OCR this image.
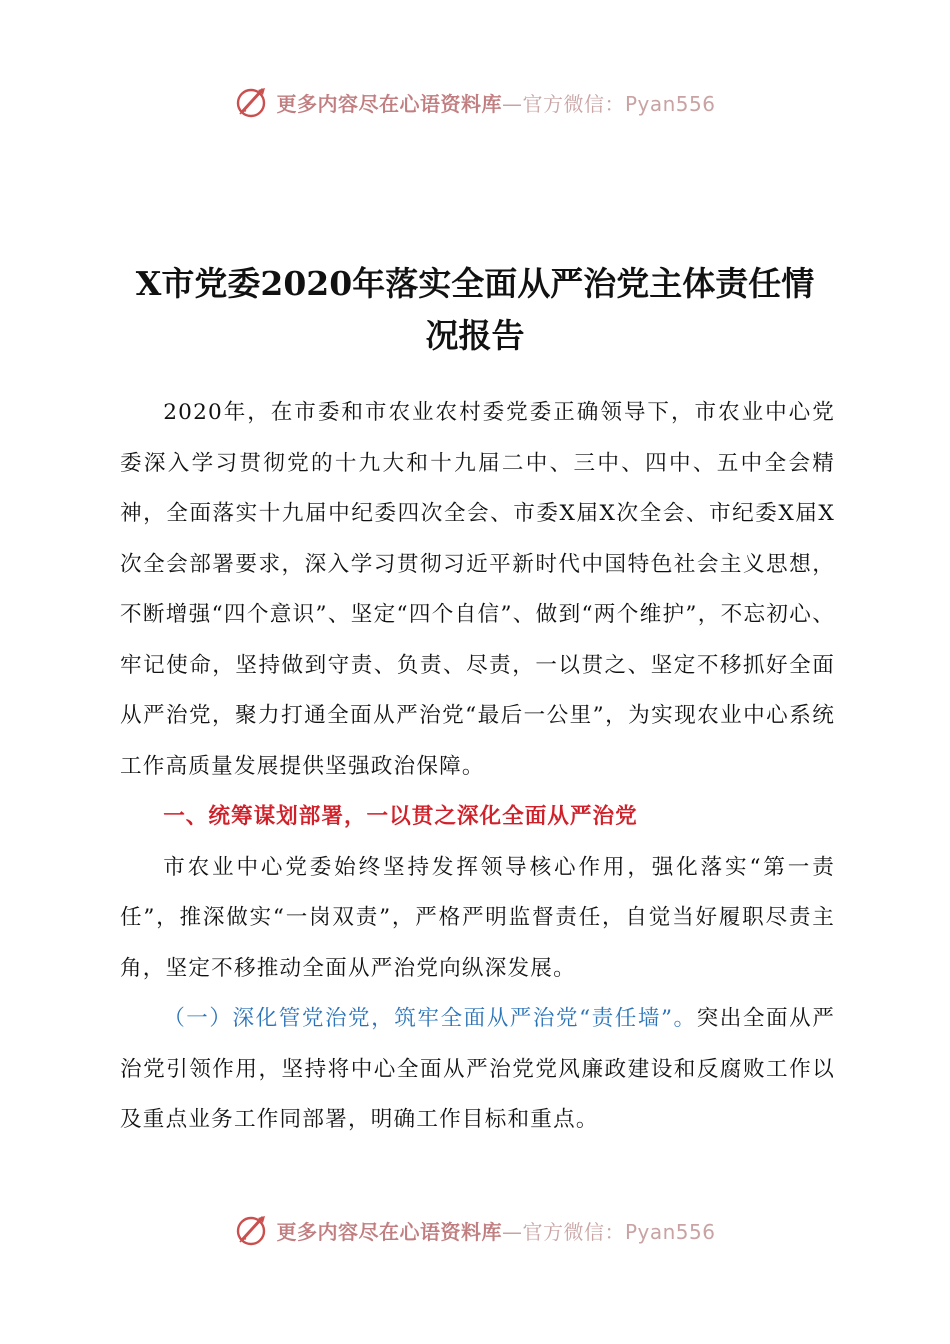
更多内容尽在心语资料库—官方微信：Pyan556
X市党委2020年落实全面从严治党主体责任情
况报告

2020年，在市委和市农业农村委党委正确领导下，市农业中心党委深入学习贯彻党的十九大和十九届二中、三中、四中、五中全会精神，全面落实十九届中纪委四次全会、市委X届X次全会、市纪委X届X次全会部署要求，深入学习贯彻习近平新时代中国特色社会主义思想，不断增强“四个意识”、坚定“四个自信”、做到“两个维护”，不忘初心、牢记使命，坚持做到守责、负责、尽责，一以贯之、坚定不移抓好全面从严治党，聚力打通全面从严治党“最后一公里”，为实现农业中心系统工作高质量发展提供坚强政治保障。

一、统筹谋划部署，一以贯之深化全面从严治党

市农业中心党委始终坚持发挥领导核心作用，强化落实“第一责任”，推深做实“一岗双责”，严格严明监督责任，自觉当好履职尽责主角，坚定不移推动全面从严治党向纵深发展。

（一）深化管党治党，筑牢全面从严治党“责任墙”。突出全面从严治党引领作用，坚持将中心全面从严治党党风廉政建设和反腐败工作以及重点业务工作同部署，明确工作目标和重点。

更多内容尽在心语资料库—官方微信：Pyan556
